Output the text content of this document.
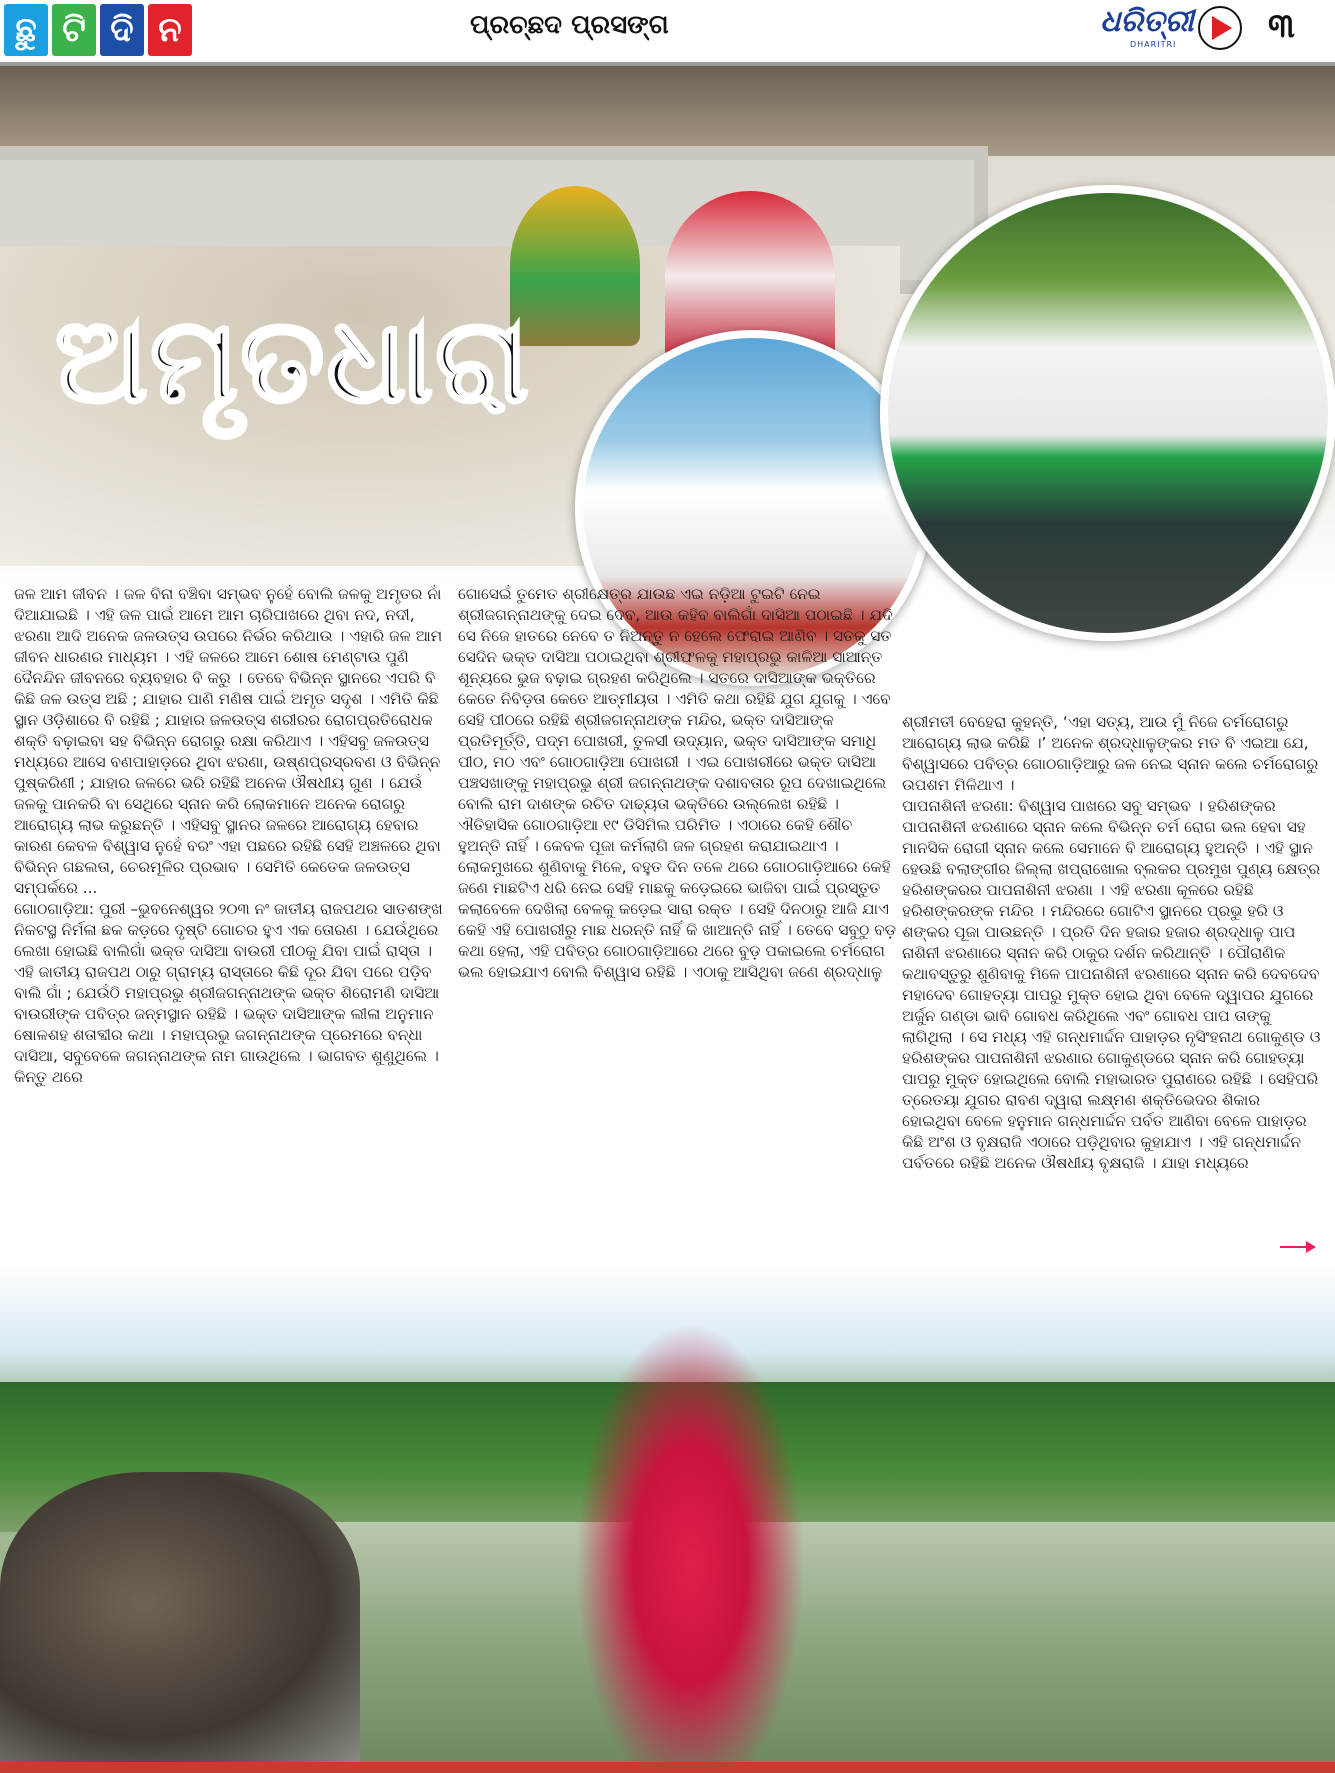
ଛୁ ଟି ଦି ନ	ପ୍ରଚ୍ଛଦ ପ୍ରସଙ୍ଗ	ଧରିତ୍ରୀ
DHARITRI	୩
ଅମୃତଧାରା

ଜଳ ଆମ ଜୀବନ । ଜଳ ବିନା ବଞ୍ଚିବା ସମ୍ଭବ ନୁହେଁ ବୋଲି ଜଳକୁ ଅମୃତର ନାଁ ଦିଆଯାଇଛି । ଏହି ଜଳ ପାଇଁ ଆମେ ଆମ ଚାରିପାଖରେ ଥିବା ନଦ, ନଦୀ, ଝରଣା ଆଦି ଅନେକ ଜଳଉତ୍ସ ଉପରେ ନିର୍ଭର କରିଥାଉ । ଏହାରି ଜଳ ଆମ ଜୀବନ ଧାରଣର ମାଧ୍ୟମ । ଏହି ଜଳରେ ଆମେ ଶୋଷ ମେଣ୍ଟାଉ ପୁଣି ଦୈନନ୍ଦିନ ଜୀବନରେ ବ୍ୟବହାର ବି କରୁ । ତେବେ ବିଭିନ୍ନ ସ୍ଥାନରେ ଏପରି ବି କିଛି ଜଳ ଉତ୍ସ ଅଛି ; ଯାହାର ପାଣି ମଣିଷ ପାଇଁ ଅମୃତ ସଦୃଶ । ଏମିତି କିଛି ସ୍ଥାନ ଓଡ଼ିଶାରେ ବି ରହିଛି ; ଯାହାର ଜଳଉତ୍ସ ଶରୀରର ରୋଗପ୍ରତିରୋଧକ ଶକ୍ତି ବଢ଼ାଇବା ସହ ବିଭିନ୍ନ ରୋଗରୁ ରକ୍ଷା କରିଥାଏ । ଏହିସବୁ ଜଳଉତ୍ସ ମଧ୍ୟରେ ଆସେ ବଣପାହାଡ଼ରେ ଥିବା ଝରଣା, ଉଷ୍ଣପ୍ରସ୍ରବଣ ଓ ବିଭିନ୍ନ ପୁଷ୍କରିଣୀ ; ଯାହାର ଜଳରେ ଭରି ରହିଛି ଅନେକ ଔଷଧୀୟ ଗୁଣ । ଯେଉଁ ଜଳକୁ ପାନକରି ବା ସେଥିରେ ସ୍ନାନ କରି ଲୋକମାନେ ଅନେକ ରୋଗରୁ ଆରୋଗ୍ୟ ଲାଭ କରୁଛନ୍ତି । ଏହିସବୁ ସ୍ଥାନର ଜଳରେ ଆରୋଗ୍ୟ ହେବାର କାରଣ କେବଳ ବିଶ୍ୱାସ ନୁହେଁ ବରଂ ଏହା ପଛରେ ରହିଛି ସେହି ଅଞ୍ଚଳରେ ଥିବା ବିଭିନ୍ନ ଗଛଲତା, ଚେରମୂଳିର ପ୍ରଭାବ । ସେମିତି କେତେକ ଜଳଉତ୍ସ ସମ୍ପର୍କରେ ...

ଗୋଠଗାଡ଼ିଆ: ପୁରୀ –ଭୁବନେଶ୍ୱର ୨୦୩ ନଂ ଜାତୀୟ ରାଜପଥର ସାତଶଙ୍ଖ ନିକଟସ୍ଥ ନିର୍ମଳା ଛକ କଡ଼ରେ ଦୃଷ୍ଟି ଗୋଚର ହୁଏ ଏକ ତୋରଣ । ଯେଉଁଥିରେ ଲେଖା ହୋଇଛି ବାଲିଗାଁ ଭକ୍ତ ଦାସିଆ ବାଉରୀ ପୀଠକୁ ଯିବା ପାଇଁ ରାସ୍ତା । ଏହି ଜାତୀୟ ରାଜପଥ ଠାରୁ ଗ୍ରାମ୍ୟ ରାସ୍ତାରେ କିଛି ଦୂର ଯିବା ପରେ ପଡ଼ିବ ବାଲି ଗାଁ ; ଯେଉଁଠି ମହାପ୍ରଭୁ ଶ୍ରୀଜଗନ୍ନାଥଙ୍କ ଭକ୍ତ ଶିରୋମଣି ଦାସିଆ ବାଉରୀଙ୍କ ପବିତ୍ର ଜନ୍ମସ୍ଥାନ ରହିଛି । ଭକ୍ତ ଦାସିଆଙ୍କ ଲୀଳା ଅନୁମାନ ଷୋଳଶହ ଶତାବ୍ଦୀର କଥା । ମହାପ୍ରଭୁ ଜଗନ୍ନାଥଙ୍କ ପ୍ରେମରେ ବନ୍ଧା ଦାସିଆ, ସବୁବେଳେ ଜଗନ୍ନାଥଙ୍କ ନାମ ଗାଉଥିଲେ । ଭାଗବତ ଶୁଣୁଥିଲେ । କିନ୍ତୁ ଥରେ

ଗୋସେଇଁ ତୁମେତ ଶ୍ରୀକ୍ଷେତ୍ର ଯାଉଛ ଏଇ ନଡ଼ିଆ ଟୁଇଟି ନେଇ ଶ୍ରୀଜଗନ୍ନାଥଙ୍କୁ ଦେଇ ଦେବ, ଆଉ କହିବ ବାଲିଗାଁ ଦାସିଆ ପଠାଇଛି । ଯଦି ସେ ନିଜେ ହାତରେ ନେବେ ତ ନିଅନ୍ତୁ ନ ହେଲେ ଫେରାଇ ଆଣିବ । ସତକୁ ସତ ସେଦିନ ଭକ୍ତ ଦାସିଆ ପଠାଇଥିବା ଶ୍ରୀଫଳକୁ ମହାପ୍ରଭୁ କାଳିଆ ସାଆନ୍ତ ଶୂନ୍ୟରେ ଭୁଜ ବଢ଼ାଇ ଗ୍ରହଣ କରିଥିଲେ । ସତରେ ଦାସିଆଙ୍କ ଭକ୍ତିରେ କେତେ ନିବିଡ଼ତା କେତେ ଆତ୍ମୀୟତା । ଏମିତି କଥା ରହିଛି ଯୁଗ ଯୁଗକୁ । ଏବେ ସେହି ପୀଠରେ ରହିଛି ଶ୍ରୀଜଗନ୍ନାଥଙ୍କ ମନ୍ଦିର, ଭକ୍ତ ଦାସିଆଙ୍କ ପ୍ରତିମୂର୍ତ୍ତି, ପଦ୍ମ ପୋଖରୀ, ତୁଳସୀ ଉଦ୍ୟାନ, ଭକ୍ତ ଦାସିଆଙ୍କ ସମାଧି ପୀଠ, ମଠ ଏବଂ ଗୋଠଗାଡ଼ିଆ ପୋଖରୀ । ଏଇ ପୋଖରୀରେ ଭକ୍ତ ଦାସିଆ ପଞ୍ଚସଖାଙ୍କୁ ମହାପ୍ରଭୁ ଶ୍ରୀ ଜଗନ୍ନାଥଙ୍କ ଦଶାବତାର ରୂପ ଦେଖାଇଥିଲେ ବୋଲି ରାମ ଦାଶଙ୍କ ରଚିତ ଦାଢ୍ୟତା ଭକ୍ତିରେ ଉଲ୍ଲେଖ ରହିଛି । ଐତିହାସିକ ଗୋଠଗାଡ଼ିଆ ୧୯ ଡିସିମିଲ ପରିମିତ । ଏଠାରେ କେହି ଶୌଚ ହୁଅନ୍ତି ନାହିଁ । କେବଳ ପୂଜା କର୍ମଲାଗି ଜଳ ଗ୍ରହଣ କରାଯାଇଥାଏ । ଲୋକମୁଖରେ ଶୁଣିବାକୁ ମିଳେ, ବହୁତ ଦିନ ତଳେ ଥରେ ଗୋଠଗାଡ଼ିଆରେ କେହି ଜଣେ ମାଛଟିଏ ଧରି ନେଇ ସେହି ମାଛକୁ କଡ଼େଇରେ ଭାଜିବା ପାଇଁ ପ୍ରସ୍ତୁତ କଲାବେଳେ ଦେଖିଲା ବେଳକୁ କଡ଼େଇ ସାରା ରକ୍ତ । ସେହି ଦିନଠାରୁ ଆଜି ଯାଏ କେହି ଏହି ପୋଖରୀରୁ ମାଛ ଧରନ୍ତି ନାହିଁ କି ଖାଆନ୍ତି ନାହିଁ । ତେବେ ସବୁଠୁ ବଡ଼ କଥା ହେଲା, ଏହି ପବିତ୍ର ଗୋଠଗାଡ଼ିଆରେ ଥରେ ବୁଡ଼ ପକାଇଲେ ଚର୍ମରୋଗ ଭଲ ହୋଇଯାଏ ବୋଲି ବିଶ୍ୱାସ ରହିଛି । ଏଠାକୁ ଆସିଥିବା ଜଣେ ଶ୍ରଦ୍ଧାଳୁ

ଶ୍ରୀମତୀ ବେହେରା କୁହନ୍ତି, ‘ଏହା ସତ୍ୟ, ଆଉ ମୁଁ ନିଜେ ଚର୍ମରୋଗରୁ ଆରୋଗ୍ୟ ଲାଭ କରିଛି ।’ ଅନେକ ଶ୍ରଦ୍ଧାଳୁଙ୍କର ମତ ବି ଏଇଆ ଯେ, ବିଶ୍ୱାସରେ ପବିତ୍ର ଗୋଠଗାଡ଼ିଆରୁ ଜଳ ନେଇ ସ୍ନାନ କଲେ ଚର୍ମରୋଗରୁ ଉପଶମ ମିଳିଥାଏ ।

ପାପନାଶିନୀ ଝରଣା: ବିଶ୍ୱାସ ପାଖରେ ସବୁ ସମ୍ଭବ । ହରିଶଙ୍କର ପାପନାଶିନୀ ଝରଣାରେ ସ୍ନାନ କଲେ ବିଭିନ୍ନ ଚର୍ମ ରୋଗ ଭଲ ହେବା ସହ ମାନସିକ ରୋଗୀ ସ୍ନାନ କଲେ ସେମାନେ ବି ଆରୋଗ୍ୟ ହୁଅନ୍ତି । ଏହି ସ୍ଥାନ ହେଉଛି ବଲାଙ୍ଗୀର ଜିଲ୍ଲା ଖପ୍ରାଖୋଲ ବ୍ଲକର ପ୍ରମୁଖ ପୁଣ୍ୟ କ୍ଷେତ୍ର ହରିଶଙ୍କରର ପାପନାଶିନୀ ଝରଣା । ଏହି ଝରଣା କୂଳରେ ରହିଛି ହରିଶଙ୍କରଙ୍କ ମନ୍ଦିର । ମନ୍ଦିରରେ ଗୋଟିଏ ସ୍ଥାନରେ ପ୍ରଭୁ ହରି ଓ ଶଙ୍କର ପୂଜା ପାଉଛନ୍ତି । ପ୍ରତି ଦିନ ହଜାର ହଜାର ଶ୍ରଦ୍ଧାଳୁ ପାପ ନାଶିନୀ ଝରଣାରେ ସ୍ନାନ କରି ଠାକୁର ଦର୍ଶନ କରିଥାନ୍ତି । ପୌରାଣିକ କଥାବସ୍ତୁରୁ ଶୁଣିବାକୁ ମିଳେ ପାପନାଶିନୀ ଝରଣାରେ ସ୍ନାନ କରି ଦେବଦେବ ମହାଦେବ ଗୋହତ୍ୟା ପାପରୁ ମୁକ୍ତ ହୋଇ ଥିବା ବେଳେ ଦ୍ୱାପର ଯୁଗରେ ଅର୍ଜୁନ ଗଣ୍ଡା ଭାବି ଗୋବଧ କରିଥିଲେ ଏବଂ ଗୋବଧ ପାପ ତାଙ୍କୁ ଲାଗିଥିଲା । ସେ ମଧ୍ୟ ଏହି ଗନ୍ଧମାର୍ଦ୍ଦନ ପାହାଡ଼ର ନୃସିଂହନାଥ ଗୋକୁଣ୍ଡ ଓ ହରିଶଙ୍କର ପାପନାଶିନୀ ଝରଣାର ଗୋକୁଣ୍ଡରେ ସ୍ନାନ କରି ଗୋହତ୍ୟା ପାପରୁ ମୁକ୍ତ ହୋଇଥିଲେ ବୋଲି ମହାଭାରତ ପୁରାଣରେ ରହିଛି । ସେହିପରି ତ୍ରେତୟା ଯୁଗର ରାବଣ ଦ୍ୱାରା ଲକ୍ଷ୍ମଣ ଶକ୍ତିଭେଦର ଶିକାର ହୋଇଥିବା ବେଳେ ହନୁମାନ ଗନ୍ଧମାର୍ଦ୍ଦନ ପର୍ବତ ଆଣିବା ବେଳେ ପାହାଡ଼ର କିଛି ଅଂଶ ଓ ବୃକ୍ଷରାଜି ଏଠାରେ ପଡ଼ିଥିବାର କୁହାଯାଏ । ଏହି ଗନ୍ଧମାର୍ଦ୍ଦନ ପର୍ବତରେ ରହିଛି ଅନେକ ଔଷଧୀୟ ବୃକ୍ଷରାଜି । ଯାହା ମଧ୍ୟରେ
